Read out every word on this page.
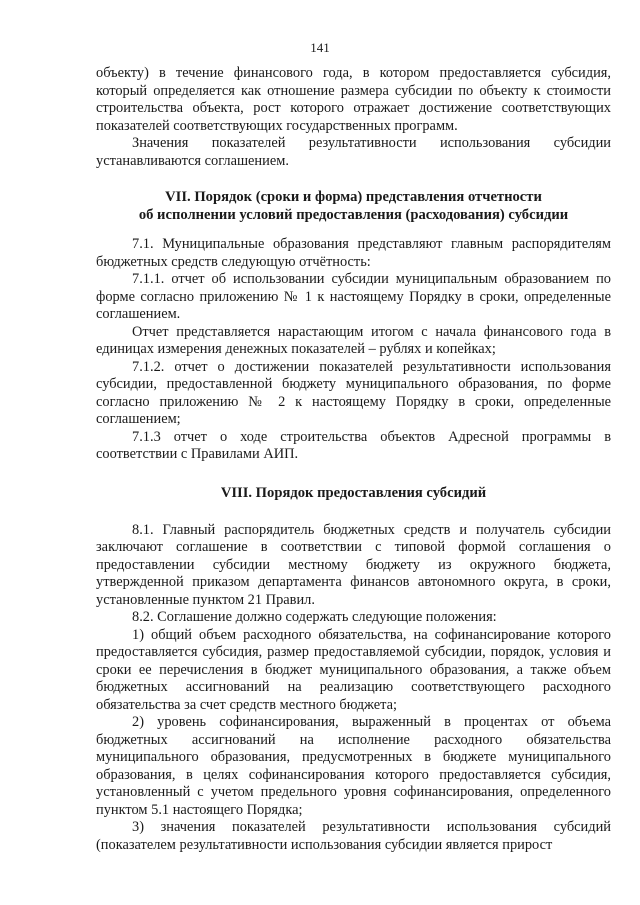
141

объекту) в течение финансового года, в котором предоставляется субсидия, который определяется как отношение размера субсидии по объекту к стоимости строительства объекта, рост которого отражает достижение соответствующих показателей соответствующих государственных программ.

Значения показателей результативности использования субсидии устанавливаются соглашением.

VII. Порядок (сроки и форма) представления отчетности
об исполнении условий предоставления (расходования) субсидии

7.1. Муниципальные образования представляют главным распорядителям бюджетных средств следующую отчётность:

7.1.1. отчет об использовании субсидии муниципальным образованием по форме согласно приложению № 1 к настоящему Порядку в сроки, определенные соглашением.

Отчет представляется нарастающим итогом с начала финансового года в единицах измерения денежных показателей – рублях и копейках;

7.1.2. отчет о достижении показателей результативности использования субсидии, предоставленной бюджету муниципального образования, по форме согласно приложению № 2 к настоящему Порядку в сроки, определенные соглашением;

7.1.3 отчет о ходе строительства объектов Адресной программы в соответствии с Правилами АИП.

VIII. Порядок предоставления субсидий

8.1. Главный распорядитель бюджетных средств и получатель субсидии заключают соглашение в соответствии с типовой формой соглашения о предоставлении субсидии местному бюджету из окружного бюджета, утвержденной приказом департамента финансов автономного округа, в сроки, установленные пунктом 21 Правил.

8.2. Соглашение должно содержать следующие положения:

1) общий объем расходного обязательства, на софинансирование которого предоставляется субсидия, размер предоставляемой субсидии, порядок, условия и сроки ее перечисления в бюджет муниципального образования, а также объем бюджетных ассигнований на реализацию соответствующего расходного обязательства за счет средств местного бюджета;

2) уровень софинансирования, выраженный в процентах от объема бюджетных ассигнований на исполнение расходного обязательства муниципального образования, предусмотренных в бюджете муниципального образования, в целях софинансирования которого предоставляется субсидия, установленный с учетом предельного уровня софинансирования, определенного пунктом 5.1 настоящего Порядка;

3) значения показателей результативности использования субсидий (показателем результативности использования субсидии является прирост
